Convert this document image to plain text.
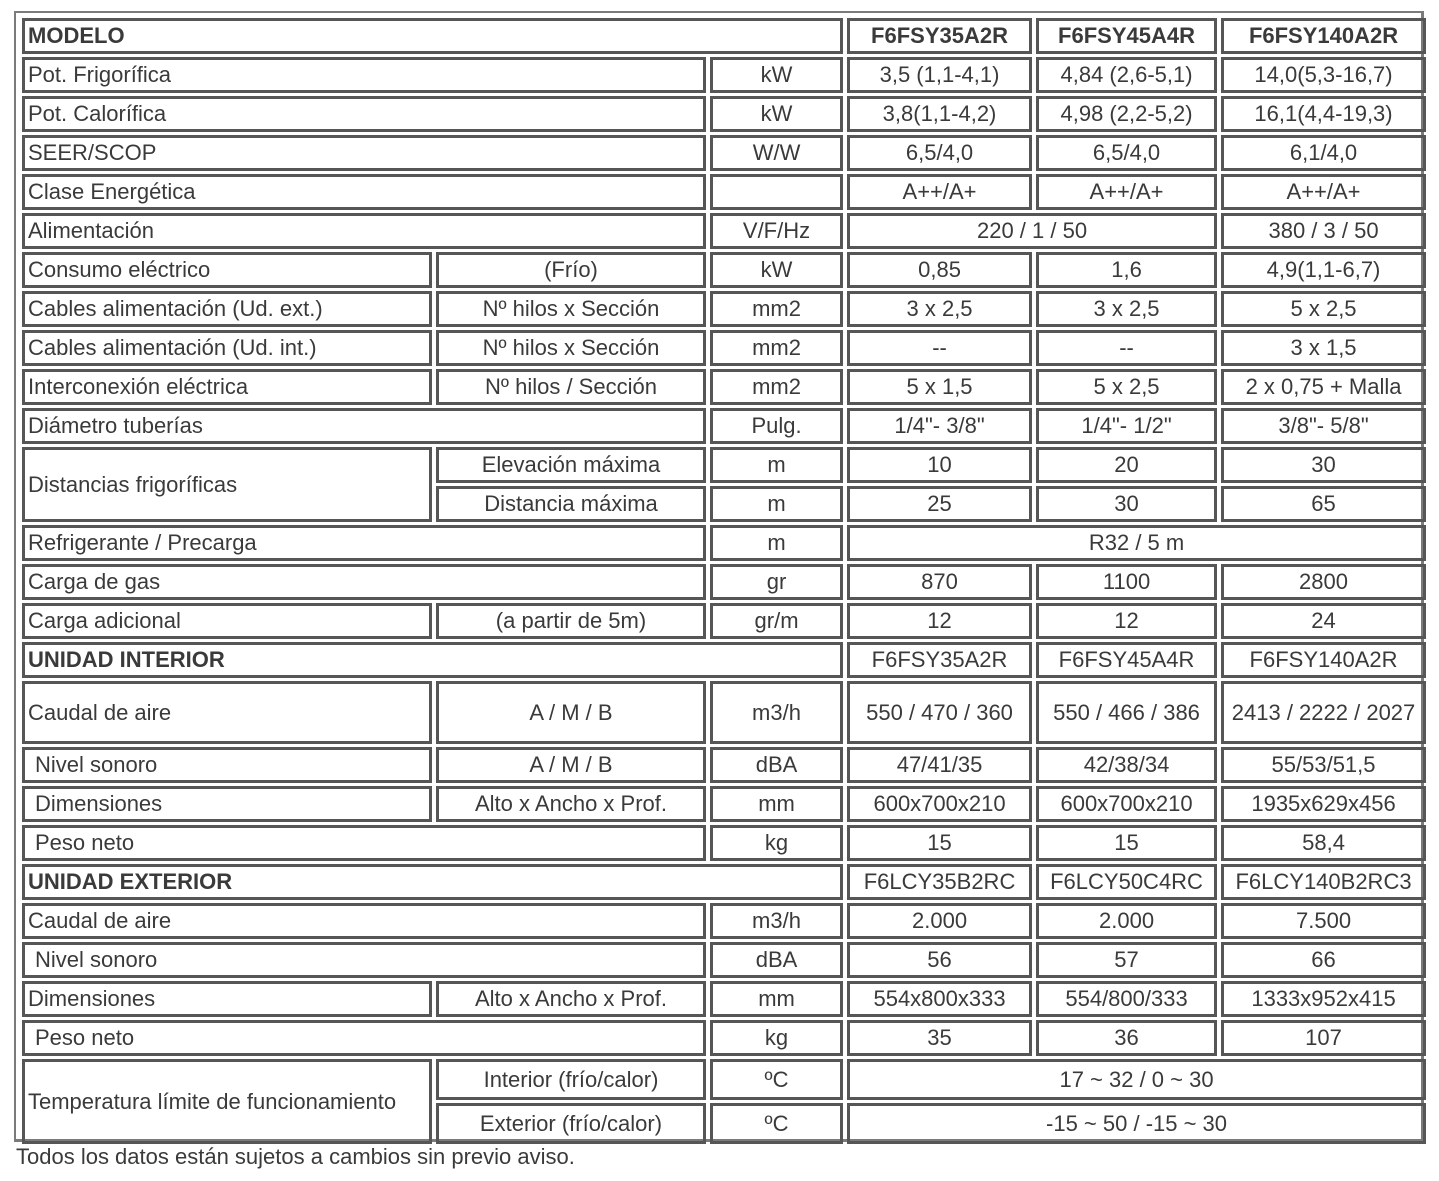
MODELO			F6FSY35A2R	F6FSY45A4R	F6FSY140A2R
Pot. Frigorífica		kW	3,5 (1,1-4,1)	4,84 (2,6-5,1)	14,0(5,3-16,7)
Pot. Calorífica		kW	3,8(1,1-4,2)	4,98 (2,2-5,2)	16,1(4,4-19,3)
SEER/SCOP		W/W	6,5/4,0	6,5/4,0	6,1/4,0
Clase Energética			A++/A+	A++/A+	A++/A+
Alimentación		V/F/Hz	220 / 1 / 50		380 / 3 / 50
Consumo eléctrico	(Frío)	kW	0,85	1,6	4,9(1,1-6,7)
Cables alimentación (Ud. ext.)	Nº hilos x Sección	mm2	3 x 2,5	3 x 2,5	5 x 2,5
Cables alimentación (Ud. int.)	Nº hilos x Sección	mm2	--	--	3 x 1,5
Interconexión eléctrica	Nº hilos / Sección	mm2	5 x 1,5	5 x 2,5	2 x 0,75 + Malla
Diámetro tuberías		Pulg.	1/4"- 3/8"	1/4"- 1/2"	3/8"- 5/8"
Distancias frigoríficas	Elevación máxima	m	10	20	30
	Distancia máxima	m	25	30	65
Refrigerante / Precarga		m	R32 / 5 m		
Carga de gas		gr	870	1100	2800
Carga adicional	(a partir de 5m)	gr/m	12	12	24
UNIDAD INTERIOR			F6FSY35A2R	F6FSY45A4R	F6FSY140A2R
Caudal de aire	A / M / B	m3/h	550 / 470 / 360	550 / 466 / 386	2413 / 2222 / 2027
Nivel sonoro	A / M / B	dBA	47/41/35	42/38/34	55/53/51,5
Dimensiones	Alto x Ancho x Prof.	mm	600x700x210	600x700x210	1935x629x456
Peso neto		kg	15	15	58,4
UNIDAD EXTERIOR			F6LCY35B2RC	F6LCY50C4RC	F6LCY140B2RC3
Caudal de aire		m3/h	2.000	2.000	7.500
Nivel sonoro		dBA	56	57	66
Dimensiones	Alto x Ancho x Prof.	mm	554x800x333	554/800/333	1333x952x415
Peso neto		kg	35	36	107
Temperatura límite de funcionamiento	Interior (frío/calor)	ºC	17 ~ 32 / 0 ~ 30		
	Exterior (frío/calor)	ºC	-15 ~ 50 / -15 ~ 30		
Todos los datos están sujetos a cambios sin previo aviso.
